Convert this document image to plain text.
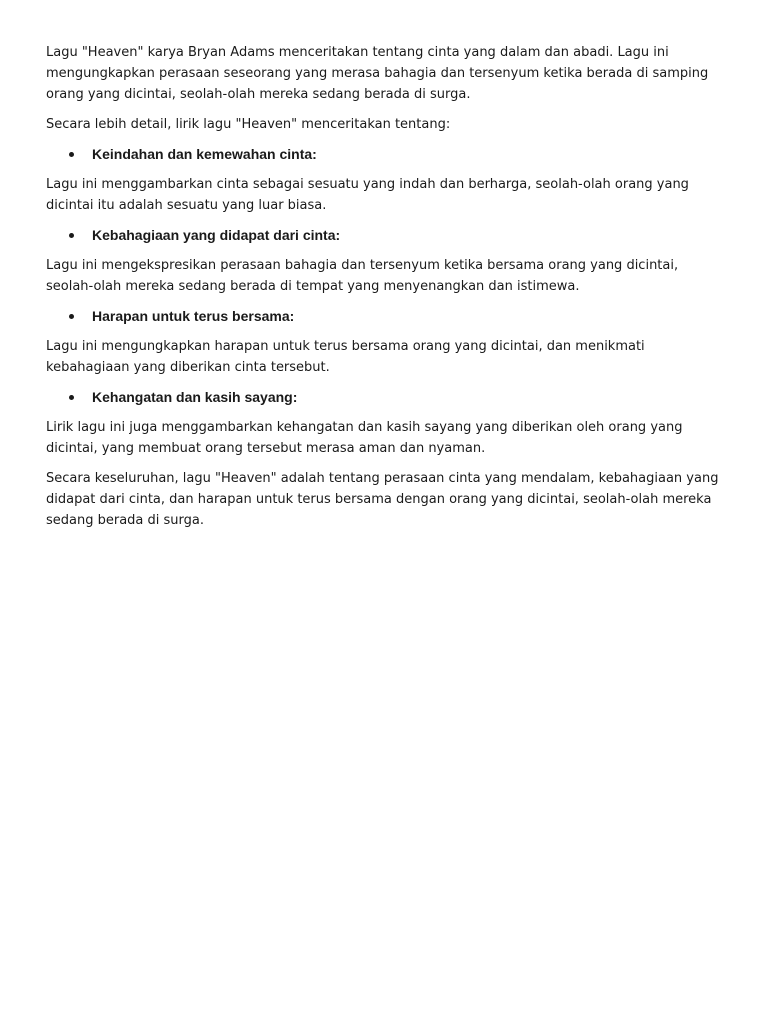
Lagu "Heaven" karya Bryan Adams menceritakan tentang cinta yang dalam dan abadi. Lagu ini mengungkapkan perasaan seseorang yang merasa bahagia dan tersenyum ketika berada di samping orang yang dicintai, seolah-olah mereka sedang berada di surga.

Secara lebih detail, lirik lagu "Heaven" menceritakan tentang:

Keindahan dan kemewahan cinta:

Lagu ini menggambarkan cinta sebagai sesuatu yang indah dan berharga, seolah-olah orang yang dicintai itu adalah sesuatu yang luar biasa.

Kebahagiaan yang didapat dari cinta:

Lagu ini mengekspresikan perasaan bahagia dan tersenyum ketika bersama orang yang dicintai, seolah-olah mereka sedang berada di tempat yang menyenangkan dan istimewa.

Harapan untuk terus bersama:

Lagu ini mengungkapkan harapan untuk terus bersama orang yang dicintai, dan menikmati kebahagiaan yang diberikan cinta tersebut.

Kehangatan dan kasih sayang:

Lirik lagu ini juga menggambarkan kehangatan dan kasih sayang yang diberikan oleh orang yang dicintai, yang membuat orang tersebut merasa aman dan nyaman.

Secara keseluruhan, lagu "Heaven" adalah tentang perasaan cinta yang mendalam, kebahagiaan yang didapat dari cinta, dan harapan untuk terus bersama dengan orang yang dicintai, seolah-olah mereka sedang berada di surga.
